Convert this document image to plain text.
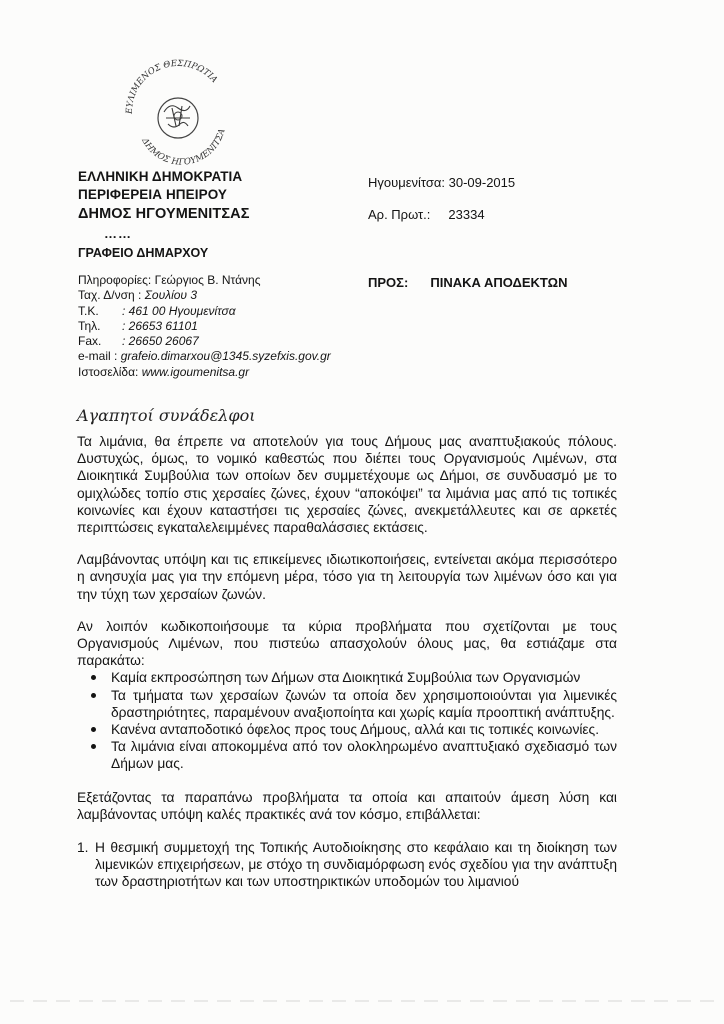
ΕΥΛΙΜΕΝΟΣ ΘΕΣΠΡΩΤΙΑ
ΔΗΜΟΣ ΗΓΟΥΜΕΝΙΤΣΑ
ΕΛΛΗΝΙΚΗ ΔΗΜΟΚΡΑΤΙΑ
ΠΕΡΙΦΕΡΕΙΑ ΗΠΕΙΡΟΥ
ΔΗΜΟΣ ΗΓΟΥΜΕΝΙΤΣΑΣ
……
ΓΡΑΦΕΙΟ ΔΗΜΑΡΧΟΥ
Ηγουμενίτσα: 30-09-2015
Αρ. Πρωτ.: 23334
Πληροφορίες: Γεώργιος Β. Ντάνης
Ταχ. Δ/νση : Σουλίου 3
Τ.Κ. : 461 00 Ηγουμενίτσα
Τηλ. : 26653 61101
Fax. : 26650 26067
e-mail : grafeio.dimarxou@1345.syzefxis.gov.gr
Ιστοσελίδα: www.igoumenitsa.gr
ΠΡΟΣ: ΠΙΝΑΚΑ ΑΠΟΔΕΚΤΩΝ
Αγαπητοί συνάδελφοι

Τα λιμάνια, θα έπρεπε να αποτελούν για τους Δήμους μας αναπτυξιακούς πόλους. Δυστυχώς, όμως, το νομικό καθεστώς που διέπει τους Οργανισμούς Λιμένων, στα Διοικητικά Συμβούλια των οποίων δεν συμμετέχουμε ως Δήμοι, σε συνδυασμό με το ομιχλώδες τοπίο στις χερσαίες ζώνες, έχουν “αποκόψει” τα λιμάνια μας από τις τοπικές κοινωνίες και έχουν καταστήσει τις χερσαίες ζώνες, ανεκμετάλλευτες και σε αρκετές περιπτώσεις εγκαταλελειμμένες παραθαλάσσιες εκτάσεις.

Λαμβάνοντας υπόψη και τις επικείμενες ιδιωτικοποιήσεις, εντείνεται ακόμα περισσότερο η ανησυχία μας για την επόμενη μέρα, τόσο για τη λειτουργία των λιμένων όσο και για την τύχη των χερσαίων ζωνών.

Αν λοιπόν κωδικοποιήσουμε τα κύρια προβλήματα που σχετίζονται με τους Οργανισμούς Λιμένων, που πιστεύω απασχολούν όλους μας, θα εστιάζαμε στα παρακάτω:

Καμία εκπροσώπηση των Δήμων στα Διοικητικά Συμβούλια των Οργανισμών
Τα τμήματα των χερσαίων ζωνών τα οποία δεν χρησιμοποιούνται για λιμενικές δραστηριότητες, παραμένουν αναξιοποίητα και χωρίς καμία προοπτική ανάπτυξης.
Κανένα ανταποδοτικό όφελος προς τους Δήμους, αλλά και τις τοπικές κοινωνίες.
Τα λιμάνια είναι αποκομμένα από τον ολοκληρωμένο αναπτυξιακό σχεδιασμό των Δήμων μας.

Εξετάζοντας τα παραπάνω προβλήματα τα οποία και απαιτούν άμεση λύση και λαμβάνοντας υπόψη καλές πρακτικές ανά τον κόσμο, επιβάλλεται:

1. Η θεσμική συμμετοχή της Τοπικής Αυτοδιοίκησης στο κεφάλαιο και τη διοίκηση των λιμενικών επιχειρήσεων, με στόχο τη συνδιαμόρφωση ενός σχεδίου για την ανάπτυξη των δραστηριοτήτων και των υποστηρικτικών υποδομών του λιμανιού
